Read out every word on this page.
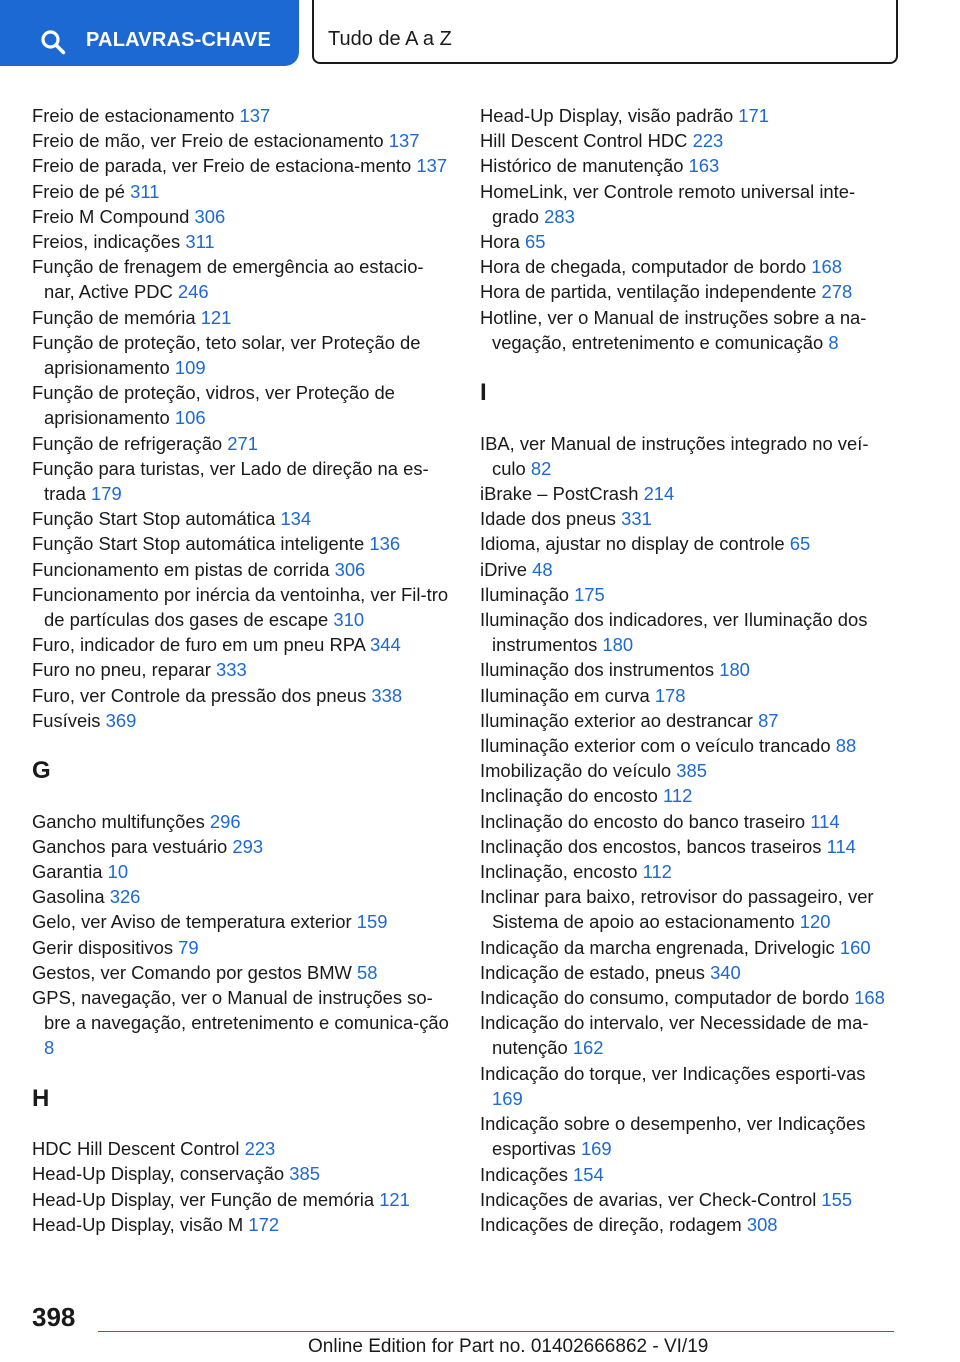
PALAVRAS-CHAVE	Tudo de A a Z

Freio de estacionamento 137

Freio de mão, ver Freio de estacionamento 137

Freio de parada, ver Freio de estaciona‐mento 137

Freio de pé 311

Freio M Compound 306

Freios, indicações 311

Função de frenagem de emergência ao estacio‐nar, Active PDC 246

Função de memória 121

Função de proteção, teto solar, ver Proteção de aprisionamento 109

Função de proteção, vidros, ver Proteção de aprisionamento 106

Função de refrigeração 271

Função para turistas, ver Lado de direção na es‐trada 179

Função Start Stop automática 134

Função Start Stop automática inteligente 136

Funcionamento em pistas de corrida 306

Funcionamento por inércia da ventoinha, ver Fil‐tro de partículas dos gases de escape 310

Furo, indicador de furo em um pneu RPA 344

Furo no pneu, reparar 333

Furo, ver Controle da pressão dos pneus 338

Fusíveis 369

G

Gancho multifunções 296

Ganchos para vestuário 293

Garantia 10

Gasolina 326

Gelo, ver Aviso de temperatura exterior 159

Gerir dispositivos 79

Gestos, ver Comando por gestos BMW 58

GPS, navegação, ver o Manual de instruções so‐bre a navegação, entretenimento e comunica‐ção 8

H

HDC Hill Descent Control 223

Head-Up Display, conservação 385

Head-Up Display, ver Função de memória 121

Head-Up Display, visão M 172

Head-Up Display, visão padrão 171

Hill Descent Control HDC 223

Histórico de manutenção 163

HomeLink, ver Controle remoto universal inte‐grado 283

Hora 65

Hora de chegada, computador de bordo 168

Hora de partida, ventilação independente 278

Hotline, ver o Manual de instruções sobre a na‐vegação, entretenimento e comunicação 8

I

IBA, ver Manual de instruções integrado no veí‐culo 82

iBrake – PostCrash 214

Idade dos pneus 331

Idioma, ajustar no display de controle 65

iDrive 48

Iluminação 175

Iluminação dos indicadores, ver Iluminação dos instrumentos 180

Iluminação dos instrumentos 180

Iluminação em curva 178

Iluminação exterior ao destrancar 87

Iluminação exterior com o veículo trancado 88

Imobilização do veículo 385

Inclinação do encosto 112

Inclinação do encosto do banco traseiro 114

Inclinação dos encostos, bancos traseiros 114

Inclinação, encosto 112

Inclinar para baixo, retrovisor do passageiro, ver Sistema de apoio ao estacionamento 120

Indicação da marcha engrenada, Drivelogic 160

Indicação de estado, pneus 340

Indicação do consumo, computador de bordo 168

Indicação do intervalo, ver Necessidade de ma‐nutenção 162

Indicação do torque, ver Indicações esporti‐vas 169

Indicação sobre o desempenho, ver Indicações esportivas 169

Indicações 154

Indicações de avarias, ver Check-Control 155

Indicações de direção, rodagem 308

398
Online Edition for Part no. 01402666862 - VI/19
